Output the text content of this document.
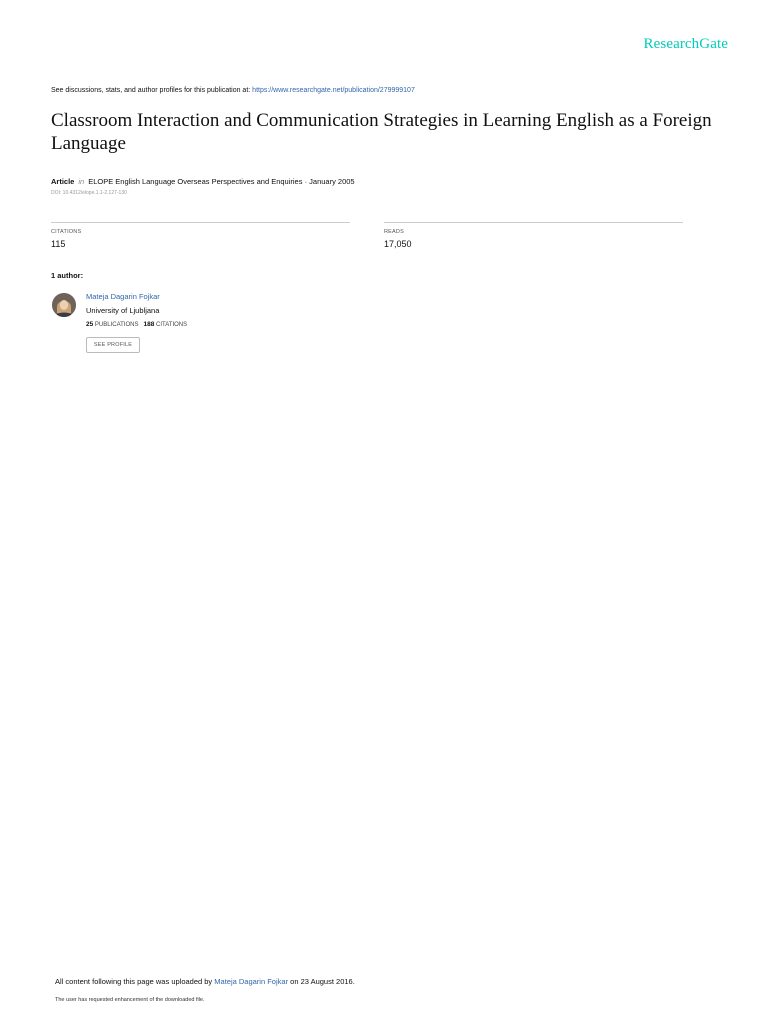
ResearchGate
See discussions, stats, and author profiles for this publication at: https://www.researchgate.net/publication/279999107
Classroom Interaction and Communication Strategies in Learning English as a Foreign Language
Article in ELOPE English Language Overseas Perspectives and Enquiries · January 2005
DOI: 10.4312/elope.1.1-2.127-130
CITATIONS
115
READS
17,050
1 author:
Mateja Dagarin Fojkar
University of Ljubljana
25 PUBLICATIONS 188 CITATIONS
SEE PROFILE
All content following this page was uploaded by Mateja Dagarin Fojkar on 23 August 2016.
The user has requested enhancement of the downloaded file.
